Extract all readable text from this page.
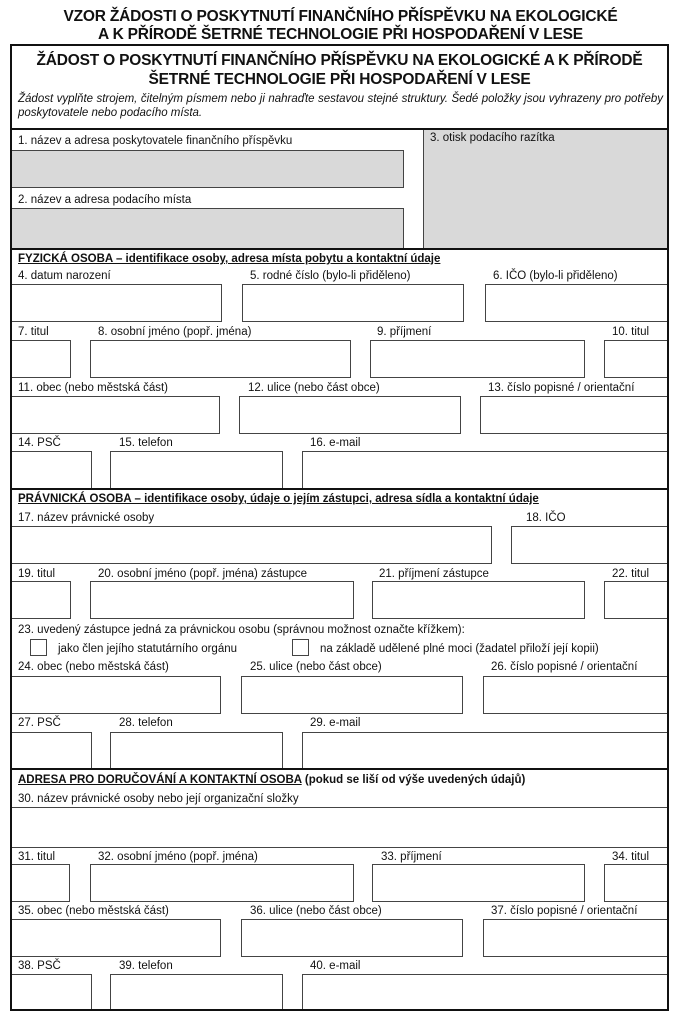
VZOR ŽÁDOSTI O POSKYTNUTÍ FINANČNÍHO PŘÍSPĚVKU NA EKOLOGICKÉ
A K PŘÍRODĚ ŠETRNÉ TECHNOLOGIE PŘI HOSPODAŘENÍ V LESE
ŽÁDOST O POSKYTNUTÍ FINANČNÍHO PŘÍSPĚVKU NA EKOLOGICKÉ A K PŘÍRODĚ
ŠETRNÉ TECHNOLOGIE PŘI HOSPODAŘENÍ V LESE
Žádost vyplňte strojem, čitelným písmem nebo ji nahraďte sestavou stejné struktury. Šedé položky jsou vyhrazeny pro potřeby poskytovatele nebo podacího místa.
1. název a adresa poskytovatele finančního příspěvku
2. název a adresa podacího místa
3. otisk podacího razítka
FYZICKÁ OSOBA – identifikace osoby, adresa místa pobytu a kontaktní údaje
4. datum narození	5. rodné číslo (bylo-li přiděleno)	6. IČO (bylo-li přiděleno)
7. titul	8. osobní jméno (popř. jména)	9. příjmení	10. titul
11. obec (nebo městská část)	12. ulice (nebo část obce)	13. číslo popisné / orientační
14. PSČ	15. telefon	16. e-mail
PRÁVNICKÁ OSOBA – identifikace osoby, údaje o jejím zástupci, adresa sídla a kontaktní údaje
17. název právnické osoby	18. IČO
19. titul	20. osobní jméno (popř. jména) zástupce	21. příjmení zástupce	22. titul
23. uvedený zástupce jedná za právnickou osobu (správnou možnost označte křížkem):
jako člen jejího statutárního orgánu	na základě udělené plné moci (žadatel přiloží její kopii)
24. obec (nebo městská část)	25. ulice (nebo část obce)	26. číslo popisné / orientační
27. PSČ	28. telefon	29. e-mail
ADRESA PRO DORUČOVÁNÍ A KONTAKTNÍ OSOBA (pokud se liší od výše uvedených údajů)
30. název právnické osoby nebo její organizační složky
31. titul	32. osobní jméno (popř. jména)	33. příjmení	34. titul
35. obec (nebo městská část)	36. ulice (nebo část obce)	37. číslo popisné / orientační
38. PSČ	39. telefon	40. e-mail
